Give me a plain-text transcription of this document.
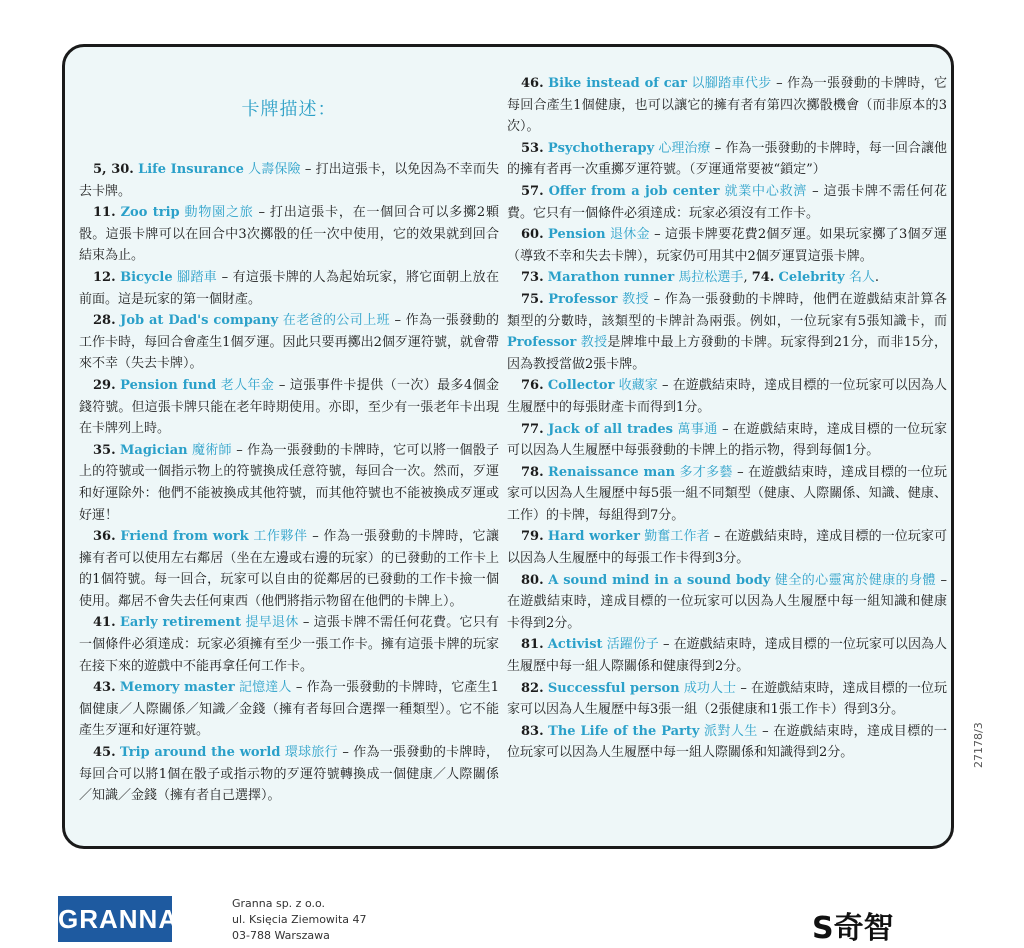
卡牌描述：

5, 30. Life Insurance 人壽保險 – 打出這張卡，以免因為不幸而失去卡牌。

11. Zoo trip 動物園之旅 – 打出這張卡，在一個回合可以多擲2顆骰。這張卡牌可以在回合中3次擲骰的任一次中使用，它的效果就到回合結束為止。

12. Bicycle 腳踏車 – 有這張卡牌的人為起始玩家，將它面朝上放在前面。這是玩家的第一個財產。

28. Job at Dad's company 在老爸的公司上班 – 作為一張發動的工作卡時，每回合會產生1個歹運。因此只要再擲出2個歹運符號，就會帶來不幸（失去卡牌）。

29. Pension fund 老人年金 – 這張事件卡提供（一次）最多4個金錢符號。但這張卡牌只能在老年時期使用。亦即，至少有一張老年卡出現在卡牌列上時。

35. Magician 魔術師 – 作為一張發動的卡牌時，它可以將一個骰子上的符號或一個指示物上的符號換成任意符號，每回合一次。然而，歹運和好運除外：他們不能被換成其他符號，而其他符號也不能被換成歹運或好運！

36. Friend from work 工作夥伴 – 作為一張發動的卡牌時，它讓擁有者可以使用左右鄰居（坐在左邊或右邊的玩家）的已發動的工作卡上的1個符號。每一回合，玩家可以自由的從鄰居的已發動的工作卡撿一個使用。鄰居不會失去任何東西（他們將指示物留在他們的卡牌上）。

41. Early retirement 提早退休 – 這張卡牌不需任何花費。它只有一個條件必須達成：玩家必須擁有至少一張工作卡。擁有這張卡牌的玩家在接下來的遊戲中不能再拿任何工作卡。

43. Memory master 記憶達人 – 作為一張發動的卡牌時，它產生1個健康／人際關係／知識／金錢（擁有者每回合選擇一種類型）。它不能產生歹運和好運符號。

45. Trip around the world 環球旅行 – 作為一張發動的卡牌時，每回合可以將1個在骰子或指示物的歹運符號轉換成一個健康／人際關係／知識／金錢（擁有者自己選擇）。

46. Bike instead of car 以腳踏車代步 – 作為一張發動的卡牌時，它每回合產生1個健康，也可以讓它的擁有者有第四次擲骰機會（而非原本的3次）。

53. Psychotherapy 心理治療 – 作為一張發動的卡牌時，每一回合讓他的擁有者再一次重擲歹運符號。（歹運通常要被“鎖定”）

57. Offer from a job center 就業中心救濟 – 這張卡牌不需任何花費。它只有一個條件必須達成：玩家必須沒有工作卡。

60. Pension 退休金 – 這張卡牌要花費2個歹運。如果玩家擲了3個歹運（導致不幸和失去卡牌），玩家仍可用其中2個歹運買這張卡牌。

73. Marathon runner 馬拉松選手, 74. Celebrity 名人.

75. Professor 教授 – 作為一張發動的卡牌時，他們在遊戲結束計算各類型的分數時，該類型的卡牌計為兩張。例如，一位玩家有5張知識卡，而Professor 教授是牌堆中最上方發動的卡牌。玩家得到21分，而非15分，因為教授當做2張卡牌。

76. Collector 收藏家 – 在遊戲結束時，達成目標的一位玩家可以因為人生履歷中的每張財產卡而得到1分。

77. Jack of all trades 萬事通 – 在遊戲結束時，達成目標的一位玩家可以因為人生履歷中每張發動的卡牌上的指示物，得到每個1分。

78. Renaissance man 多才多藝 – 在遊戲結束時，達成目標的一位玩家可以因為人生履歷中每5張一組不同類型（健康、人際關係、知識、健康、工作）的卡牌，每組得到7分。

79. Hard worker 勤奮工作者 – 在遊戲結束時，達成目標的一位玩家可以因為人生履歷中的每張工作卡得到3分。

80. A sound mind in a sound body 健全的心靈寓於健康的身體 – 在遊戲結束時，達成目標的一位玩家可以因為人生履歷中每一組知識和健康卡得到2分。

81. Activist 活躍份子 – 在遊戲結束時，達成目標的一位玩家可以因為人生履歷中每一組人際關係和健康得到2分。

82. Successful person 成功人士 – 在遊戲結束時，達成目標的一位玩家可以因為人生履歷中每3張一組（2張健康和1張工作卡）得到3分。

83. The Life of the Party 派對人生 – 在遊戲結束時，達成目標的一位玩家可以因為人生履歷中每一組人際關係和知識得到2分。	27178/3
GRANNA
Granna sp. z o.o.
ul. Księcia Ziemowita 47
03-788 Warszawa	S奇智
